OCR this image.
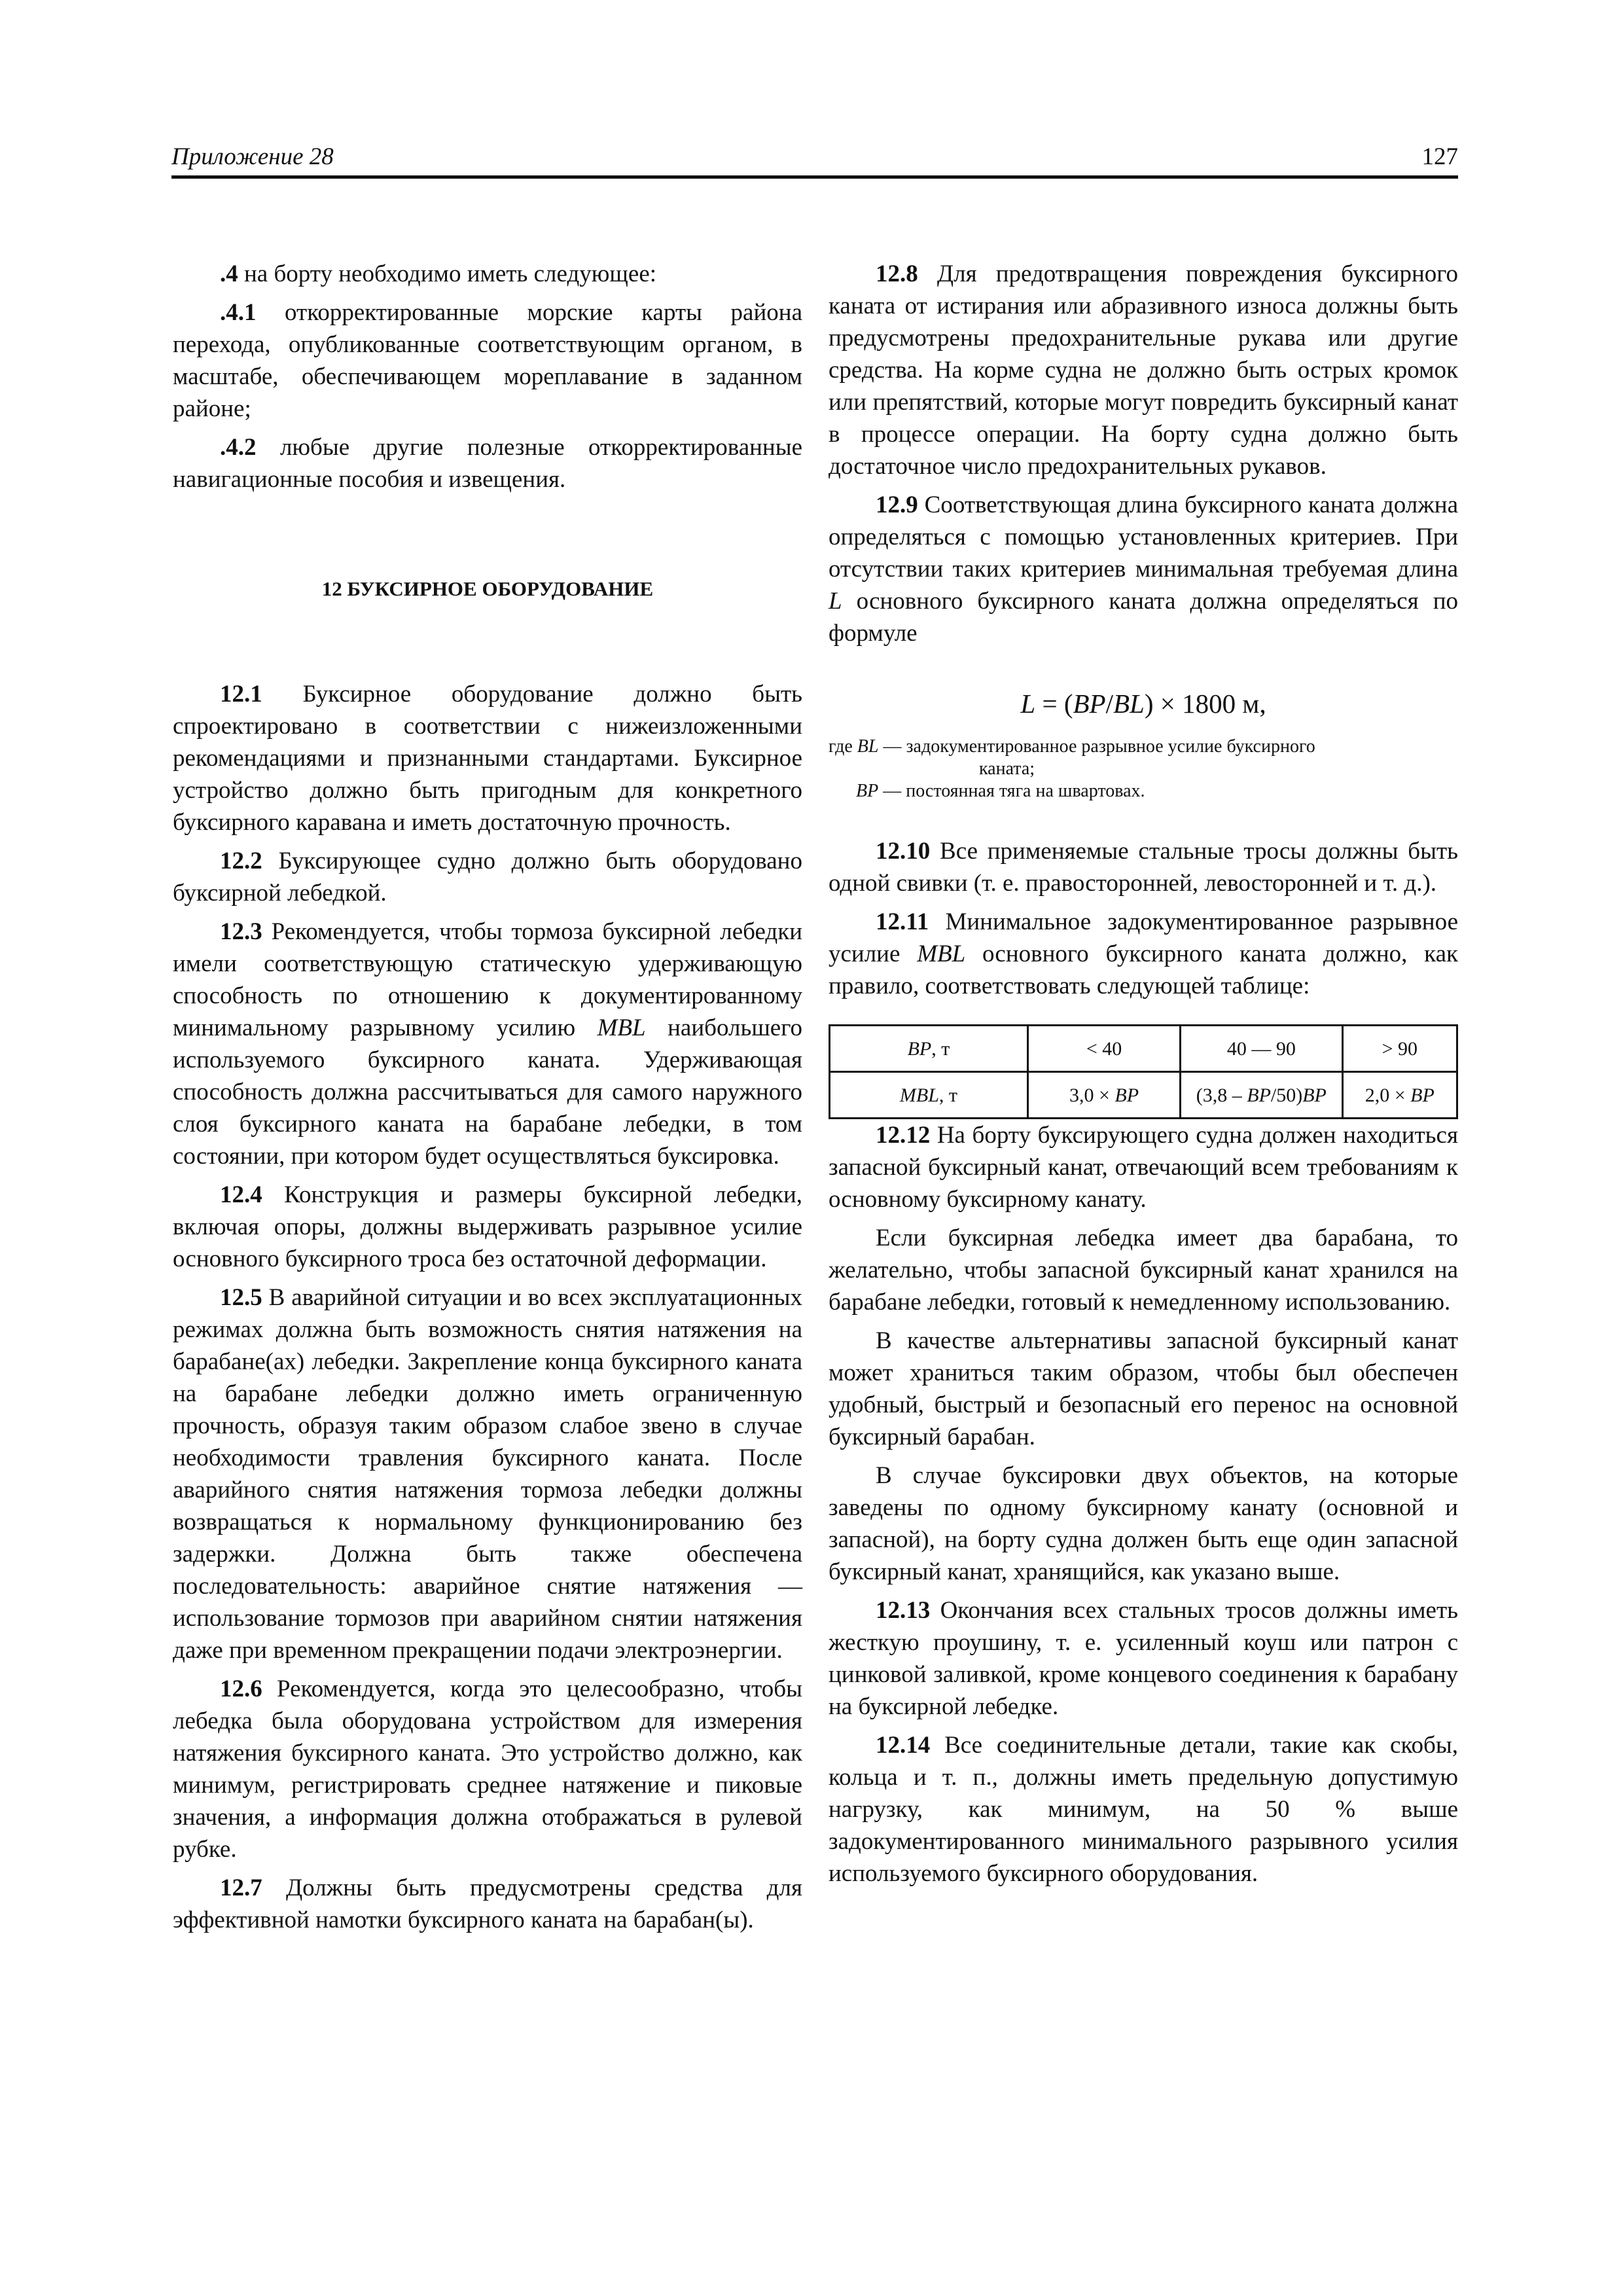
Приложение 28	127

.4 на борту необходимо иметь следующее:

.4.1 откорректированные морские карты района перехода, опубликованные соответствующим органом, в масштабе, обеспечивающем мореплавание в заданном районе;

.4.2 любые другие полезные откорректированные навигационные пособия и извещения.

12 БУКСИРНОЕ ОБОРУДОВАНИЕ

12.1 Буксирное оборудование должно быть спроектировано в соответствии с нижеизложенными рекомендациями и признанными стандартами. Буксирное устройство должно быть пригодным для конкретного буксирного каравана и иметь достаточную прочность.

12.2 Буксирующее судно должно быть оборудовано буксирной лебедкой.

12.3 Рекомендуется, чтобы тормоза буксирной лебедки имели соответствующую статическую удерживающую способность по отношению к документированному минимальному разрывному усилию MBL наибольшего используемого буксирного каната. Удерживающая способность должна рассчитываться для самого наружного слоя буксирного каната на барабане лебедки, в том состоянии, при котором будет осуществляться буксировка.

12.4 Конструкция и размеры буксирной лебедки, включая опоры, должны выдерживать разрывное усилие основного буксирного троса без остаточной деформации.

12.5 В аварийной ситуации и во всех эксплуатационных режимах должна быть возможность снятия натяжения на барабане(ах) лебедки. Закрепление конца буксирного каната на барабане лебедки должно иметь ограниченную прочность, образуя таким образом слабое звено в случае необходимости травления буксирного каната. После аварийного снятия натяжения тормоза лебедки должны возвращаться к нормальному функционированию без задержки. Должна быть также обеспечена последовательность: аварийное снятие натяжения — использование тормозов при аварийном снятии натяжения даже при временном прекращении подачи электроэнергии.

12.6 Рекомендуется, когда это целесообразно, чтобы лебедка была оборудована устройством для измерения натяжения буксирного каната. Это устройство должно, как минимум, регистрировать среднее натяжение и пиковые значения, а информация должна отображаться в рулевой рубке.

12.7 Должны быть предусмотрены средства для эффективной намотки буксирного каната на барабан(ы).

12.8 Для предотвращения повреждения буксирного каната от истирания или абразивного износа должны быть предусмотрены предохранительные рукава или другие средства. На корме судна не должно быть острых кромок или препятствий, которые могут повредить буксирный канат в процессе операции. На борту судна должно быть достаточное число предохранительных рукавов.

12.9 Соответствующая длина буксирного каната должна определяться с помощью установленных критериев. При отсутствии таких критериев минимальная требуемая длина L основного буксирного каната должна определяться по формуле

L = (BP/BL) × 1800 м,
где BL — задокументированное разрывное усилие буксирного
каната;
BP — постоянная тяга на швартовах.

12.10 Все применяемые стальные тросы должны быть одной свивки (т. е. правосторонней, левосторонней и т. д.).

12.11 Минимальное задокументированное разрывное усилие MBL основного буксирного каната должно, как правило, соответствовать следующей таблице:

BP, т	< 40	40 — 90	> 90
MBL, т	3,0 × BP	(3,8 – BP/50)BP	2,0 × BP

12.12 На борту буксирующего судна должен находиться запасной буксирный канат, отвечающий всем требованиям к основному буксирному канату.

Если буксирная лебедка имеет два барабана, то желательно, чтобы запасной буксирный канат хранился на барабане лебедки, готовый к немедленному использованию.

В качестве альтернативы запасной буксирный канат может храниться таким образом, чтобы был обеспечен удобный, быстрый и безопасный его перенос на основной буксирный барабан.

В случае буксировки двух объектов, на которые заведены по одному буксирному канату (основной и запасной), на борту судна должен быть еще один запасной буксирный канат, хранящийся, как указано выше.

12.13 Окончания всех стальных тросов должны иметь жесткую проушину, т. е. усиленный коуш или патрон с цинковой заливкой, кроме концевого соединения к барабану на буксирной лебедке.

12.14 Все соединительные детали, такие как скобы, кольца и т. п., должны иметь предельную допустимую нагрузку, как минимум, на 50 % выше задокументированного минимального разрывного усилия используемого буксирного оборудования.
